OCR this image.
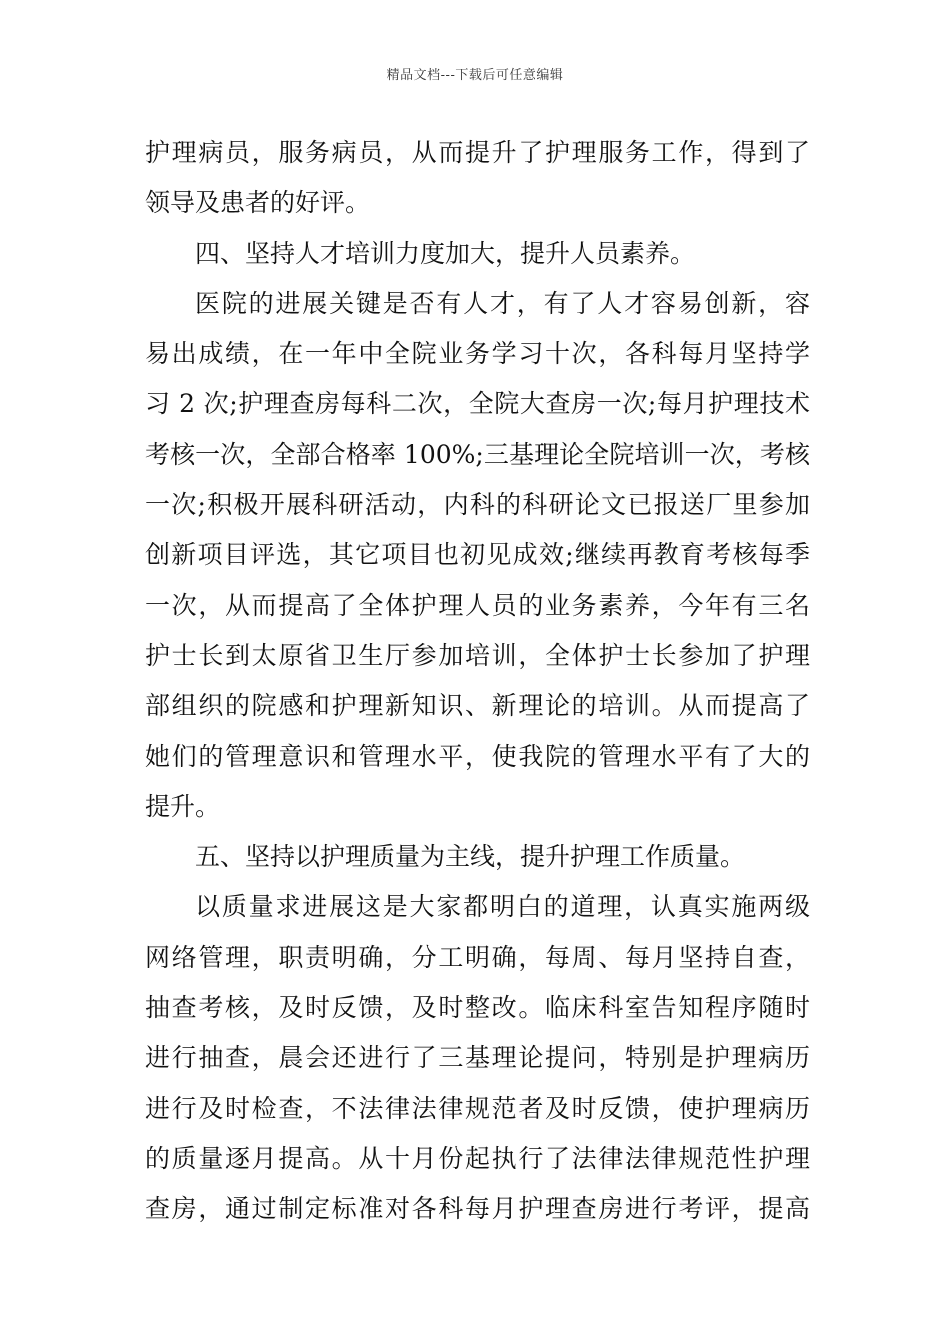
精品文档---下载后可任意编辑
护理病员，服务病员，从而提升了护理服务工作，得到了
领导及患者的好评。
四、坚持人才培训力度加大，提升人员素养。
医院的进展关键是否有人才，有了人才容易创新，容
易出成绩，在一年中全院业务学习十次，各科每月坚持学
习 2 次;护理查房每科二次，全院大查房一次;每月护理技术
考核一次，全部合格率 100%;三基理论全院培训一次，考核
一次;积极开展科研活动，内科的科研论文已报送厂里参加
创新项目评选，其它项目也初见成效;继续再教育考核每季
一次，从而提高了全体护理人员的业务素养，今年有三名
护士长到太原省卫生厅参加培训，全体护士长参加了护理
部组织的院感和护理新知识、新理论的培训。从而提高了
她们的管理意识和管理水平，使我院的管理水平有了大的
提升。
五、坚持以护理质量为主线，提升护理工作质量。
以质量求进展这是大家都明白的道理，认真实施两级
网络管理，职责明确，分工明确，每周、每月坚持自查，
抽查考核，及时反馈，及时整改。临床科室告知程序随时
进行抽查，晨会还进行了三基理论提问，特别是护理病历
进行及时检查，不法律法律规范者及时反馈，使护理病历
的质量逐月提高。从十月份起执行了法律法律规范性护理
查房，通过制定标准对各科每月护理查房进行考评，提高
